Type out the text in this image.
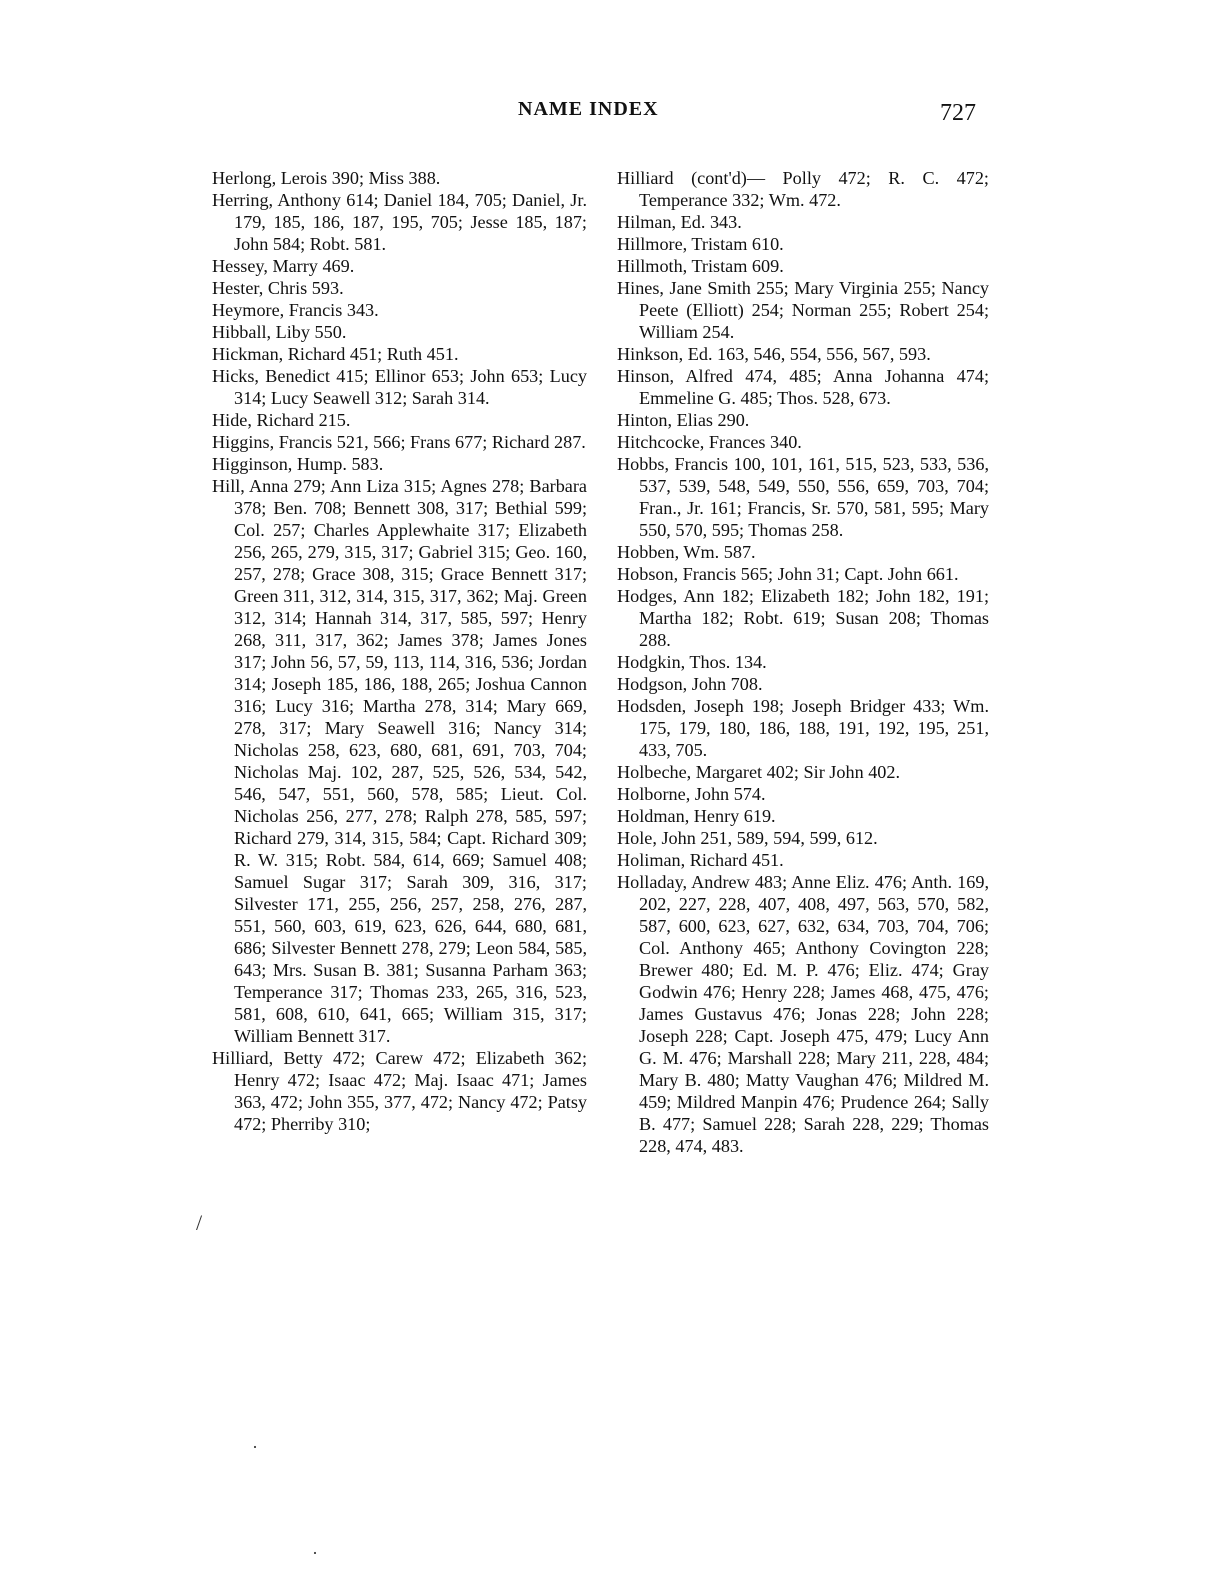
NAME INDEX	727

Herlong, Lerois 390; Miss 388.

Herring, Anthony 614; Daniel 184, 705; Daniel, Jr. 179, 185, 186, 187, 195, 705; Jesse 185, 187; John 584; Robt. 581.

Hessey, Marry 469.

Hester, Chris 593.

Heymore, Francis 343.

Hibball, Liby 550.

Hickman, Richard 451; Ruth 451.

Hicks, Benedict 415; Ellinor 653; John 653; Lucy 314; Lucy Seawell 312; Sarah 314.

Hide, Richard 215.

Higgins, Francis 521, 566; Frans 677; Richard 287.

Higginson, Hump. 583.

Hill, Anna 279; Ann Liza 315; Agnes 278; Barbara 378; Ben. 708; Bennett 308, 317; Bethial 599; Col. 257; Charles Applewhaite 317; Elizabeth 256, 265, 279, 315, 317; Gabriel 315; Geo. 160, 257, 278; Grace 308, 315; Grace Bennett 317; Green 311, 312, 314, 315, 317, 362; Maj. Green 312, 314; Hannah 314, 317, 585, 597; Henry 268, 311, 317, 362; James 378; James Jones 317; John 56, 57, 59, 113, 114, 316, 536; Jordan 314; Joseph 185, 186, 188, 265; Joshua Cannon 316; Lucy 316; Martha 278, 314; Mary 669, 278, 317; Mary Seawell 316; Nancy 314; Nicholas 258, 623, 680, 681, 691, 703, 704; Nicholas Maj. 102, 287, 525, 526, 534, 542, 546, 547, 551, 560, 578, 585; Lieut. Col. Nicholas 256, 277, 278; Ralph 278, 585, 597; Richard 279, 314, 315, 584; Capt. Richard 309; R. W. 315; Robt. 584, 614, 669; Samuel 408; Samuel Sugar 317; Sarah 309, 316, 317; Silvester 171, 255, 256, 257, 258, 276, 287, 551, 560, 603, 619, 623, 626, 644, 680, 681, 686; Silvester Bennett 278, 279; Leon 584, 585, 643; Mrs. Susan B. 381; Susanna Parham 363; Temperance 317; Thomas 233, 265, 316, 523, 581, 608, 610, 641, 665; William 315, 317; William Bennett 317.

Hilliard, Betty 472; Carew 472; Elizabeth 362; Henry 472; Isaac 472; Maj. Isaac 471; James 363, 472; John 355, 377, 472; Nancy 472; Patsy 472; Pherriby 310;

Hilliard (cont'd)— Polly 472; R. C. 472; Temperance 332; Wm. 472.

Hilman, Ed. 343.

Hillmore, Tristam 610.

Hillmoth, Tristam 609.

Hines, Jane Smith 255; Mary Virginia 255; Nancy Peete (Elliott) 254; Norman 255; Robert 254; William 254.

Hinkson, Ed. 163, 546, 554, 556, 567, 593.

Hinson, Alfred 474, 485; Anna Johanna 474; Emmeline G. 485; Thos. 528, 673.

Hinton, Elias 290.

Hitchcocke, Frances 340.

Hobbs, Francis 100, 101, 161, 515, 523, 533, 536, 537, 539, 548, 549, 550, 556, 659, 703, 704; Fran., Jr. 161; Francis, Sr. 570, 581, 595; Mary 550, 570, 595; Thomas 258.

Hobben, Wm. 587.

Hobson, Francis 565; John 31; Capt. John 661.

Hodges, Ann 182; Elizabeth 182; John 182, 191; Martha 182; Robt. 619; Susan 208; Thomas 288.

Hodgkin, Thos. 134.

Hodgson, John 708.

Hodsden, Joseph 198; Joseph Bridger 433; Wm. 175, 179, 180, 186, 188, 191, 192, 195, 251, 433, 705.

Holbeche, Margaret 402; Sir John 402.

Holborne, John 574.

Holdman, Henry 619.

Hole, John 251, 589, 594, 599, 612.

Holiman, Richard 451.

Holladay, Andrew 483; Anne Eliz. 476; Anth. 169, 202, 227, 228, 407, 408, 497, 563, 570, 582, 587, 600, 623, 627, 632, 634, 703, 704, 706; Col. Anthony 465; Anthony Covington 228; Brewer 480; Ed. M. P. 476; Eliz. 474; Gray Godwin 476; Henry 228; James 468, 475, 476; James Gustavus 476; Jonas 228; John 228; Joseph 228; Capt. Joseph 475, 479; Lucy Ann G. M. 476; Marshall 228; Mary 211, 228, 484; Mary B. 480; Matty Vaughan 476; Mildred M. 459; Mildred Manpin 476; Prudence 264; Sally B. 477; Samuel 228; Sarah 228, 229; Thomas 228, 474, 483.

/
·
·
